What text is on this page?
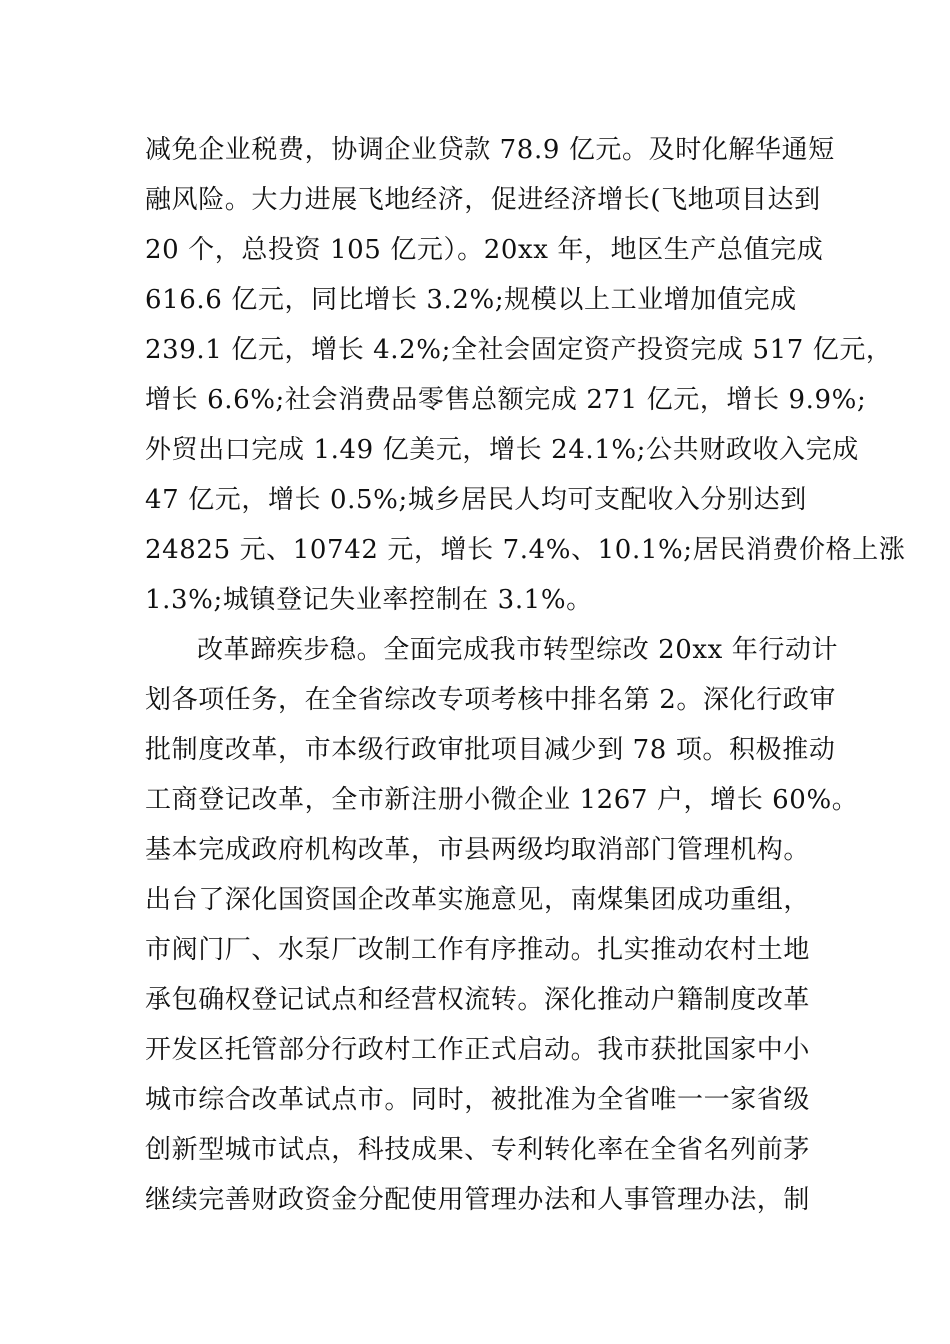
减免企业税费，协调企业贷款 78.9 亿元。及时化解华通短
融风险。大力进展飞地经济，促进经济增长(飞地项目达到
20 个，总投资 105 亿元）。20xx 年，地区生产总值完成
616.6 亿元，同比增长 3.2%;规模以上工业增加值完成
239.1 亿元，增长 4.2%;全社会固定资产投资完成 517 亿元，
增长 6.6%;社会消费品零售总额完成 271 亿元，增长 9.9%;
外贸出口完成 1.49 亿美元，增长 24.1%;公共财政收入完成
47 亿元，增长 0.5%;城乡居民人均可支配收入分别达到
24825 元、10742 元，增长 7.4%、10.1%;居民消费价格上涨
1.3%;城镇登记失业率控制在 3.1%。
改革蹄疾步稳。全面完成我市转型综改 20xx 年行动计
划各项任务，在全省综改专项考核中排名第 2。深化行政审
批制度改革，市本级行政审批项目减少到 78 项。积极推动
工商登记改革，全市新注册小微企业 1267 户，增长 60%。
基本完成政府机构改革，市县两级均取消部门管理机构。
出台了深化国资国企改革实施意见，南煤集团成功重组，
市阀门厂、水泵厂改制工作有序推动。扎实推动农村土地
承包确权登记试点和经营权流转。深化推动户籍制度改革
开发区托管部分行政村工作正式启动。我市获批国家中小
城市综合改革试点市。同时，被批准为全省唯一一家省级
创新型城市试点，科技成果、专利转化率在全省名列前茅
继续完善财政资金分配使用管理办法和人事管理办法，制
